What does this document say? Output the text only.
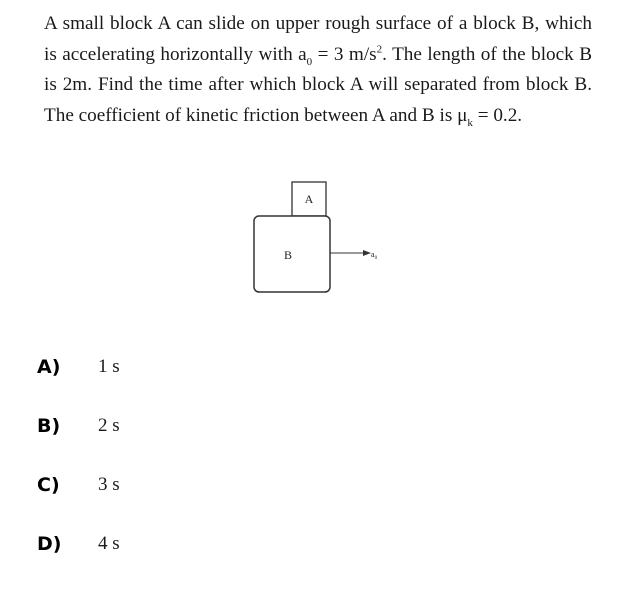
A small block A can slide on upper rough surface of a block B, which is accelerating horizontally with $a_0 = 3$ $m/s^2$. The length of the block B is 2m. Find the time after which block A will separated from block B. The coefficient of kinetic friction between A and B is $\mu_k = 0.2$.
A
B	$a_0$
A)	1 s
B)	2 s
C)	3 s
D)	4 s
